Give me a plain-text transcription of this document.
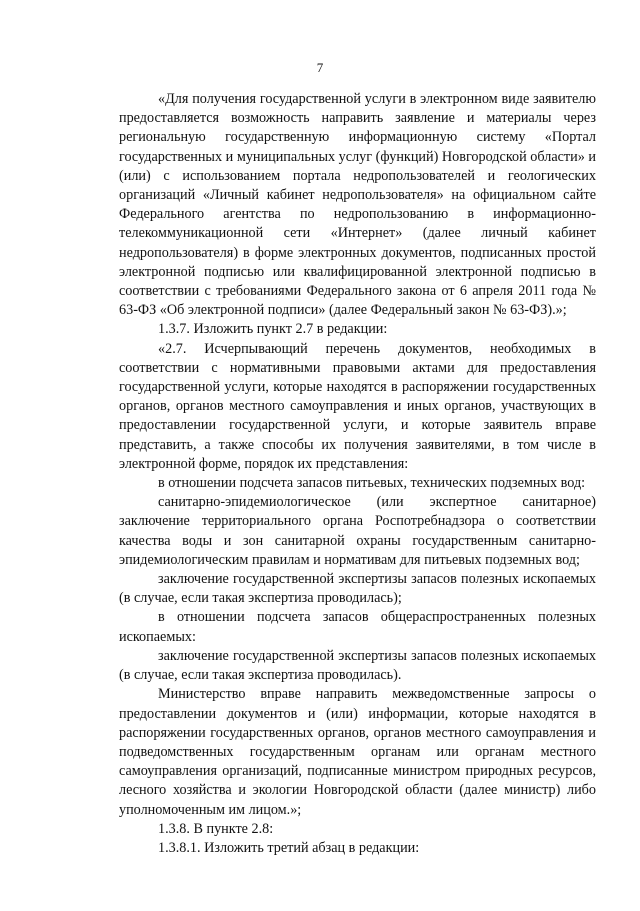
7

«Для получения государственной услуги в электронном виде заявителю предоставляется возможность направить заявление и материалы через региональную государственную информационную систему «Портал государственных и муниципальных услуг (функций) Новгородской области» и (или) с использованием портала недропользователей и геологических организаций «Личный кабинет недропользователя» на официальном сайте Федерального агентства по недропользованию в информационно-телекоммуникационной сети «Интернет» (далее личный кабинет недропользователя) в форме электронных документов, подписанных простой электронной подписью или квалифицированной электронной подписью в соответствии с требованиями Федерального закона от 6 апреля 2011 года № 63-ФЗ «Об электронной подписи» (далее Федеральный закон № 63-ФЗ).»;

1.3.7. Изложить пункт 2.7 в редакции:

«2.7. Исчерпывающий перечень документов, необходимых в соответствии с нормативными правовыми актами для предоставления государственной услуги, которые находятся в распоряжении государственных органов, органов местного самоуправления и иных органов, участвующих в предоставлении государственной услуги, и которые заявитель вправе представить, а также способы их получения заявителями, в том числе в электронной форме, порядок их представления:

в отношении подсчета запасов питьевых, технических подземных вод:

санитарно-эпидемиологическое (или экспертное санитарное) заключение территориального органа Роспотребнадзора о соответствии качества воды и зон санитарной охраны государственным санитарно-эпидемиологическим правилам и нормативам для питьевых подземных вод;

заключение государственной экспертизы запасов полезных ископаемых (в случае, если такая экспертиза проводилась);

в отношении подсчета запасов общераспространенных полезных ископаемых:

заключение государственной экспертизы запасов полезных ископаемых (в случае, если такая экспертиза проводилась).

Министерство вправе направить межведомственные запросы о предоставлении документов и (или) информации, которые находятся в распоряжении государственных органов, органов местного самоуправления и подведомственных государственным органам или органам местного самоуправления организаций, подписанные министром природных ресурсов, лесного хозяйства и экологии Новгородской области (далее министр) либо уполномоченным им лицом.»;

1.3.8. В пункте 2.8:

1.3.8.1. Изложить третий абзац в редакции:
